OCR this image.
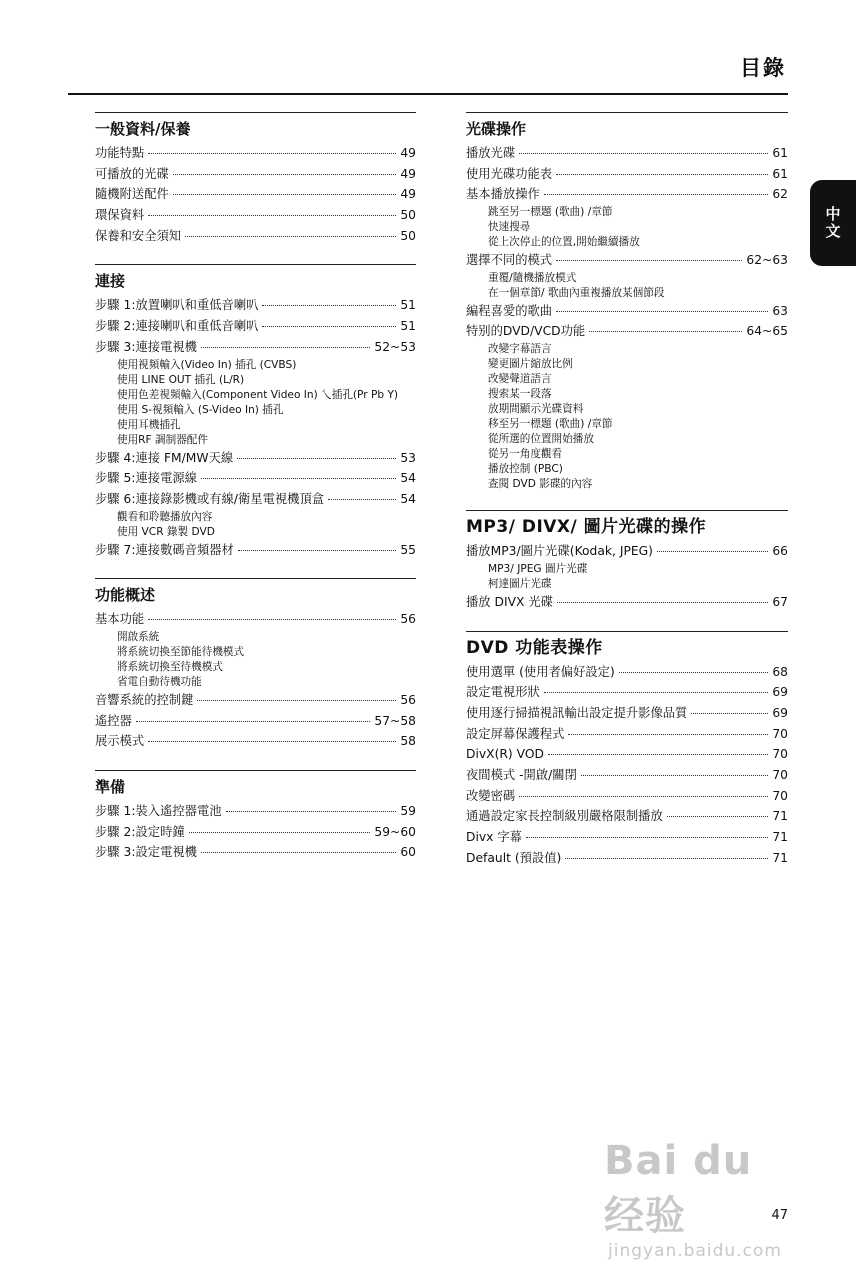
目錄
中文
一般資料/保養
功能特點	49
可播放的光碟	49
隨機附送配件	49
環保資料	50
保養和安全須知	50
連接
步驟 1:放置喇叭和重低音喇叭	51
步驟 2:連接喇叭和重低音喇叭	51
步驟 3:連接電視機	52~53
使用視頻輸入(Video In) 插孔 (CVBS)
使用 LINE OUT 插孔 (L/R)
使用色差視頻輸入(Component Video In) 乀插孔(Pr Pb Y)
使用 S-視頻輸入 (S-Video In) 插孔
使用耳機插孔
使用RF 調制器配件
步驟 4:連接 FM/MW天線	53
步驟 5:連接電源線	54
步驟 6:連接錄影機或有線/衛星電視機頂盒	54
觀看和聆聽播放內容
使用 VCR 錄製 DVD
步驟 7:連接數碼音頻器材	55
功能概述
基本功能	56
開啟系統
將系統切換至節能待機模式
將系統切換至待機模式
省電自動待機功能
音響系統的控制鍵	56
遙控器	57~58
展示模式	58
準備
步驟 1:裝入遙控器電池	59
步驟 2:設定時鐘	59~60
步驟 3:設定電視機	60
光碟操作
播放光碟	61
使用光碟功能表	61
基本播放操作	62
跳至另一標題 (歌曲) /章節
快速搜尋
從上次停止的位置,開始繼續播放
選擇不同的模式	62~63
重覆/隨機播放模式
在一個章節/ 歌曲內重複播放某個節段
編程喜愛的歌曲	63
特别的DVD/VCD功能	64~65
改變字幕語言
變更圖片縮放比例
改變聲道語言
搜索某一段落
放期間顯示光碟資料
移至另一標題 (歌曲) /章節
從所選的位置開始播放
從另一角度觀看
播放控制 (PBC)
查閱 DVD 影碟的內容
MP3/ DIVX/ 圖片光碟的操作
播放MP3/圖片光碟(Kodak, JPEG)	66
MP3/ JPEG 圖片光碟
柯達圖片光碟
播放 DIVX 光碟	67
DVD 功能表操作
使用選單 (使用者偏好設定)	68
設定電視形狀	69
使用逐行掃描視訊輸出設定提升影像品質	69
設定屏幕保護程式	70
DivX(R) VOD	70
夜間模式 -開啟/關閉	70
改變密碼	70
通過設定家長控制級別嚴格限制播放	71
Divx 字幕	71
Default (預設值)	71
Bai du 经验
jingyan.baidu.com
47
